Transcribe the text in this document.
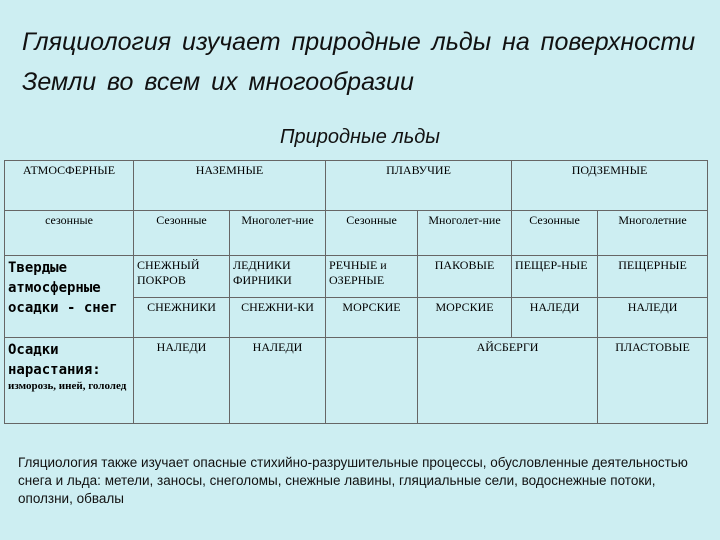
Гляциология изучает природные льды на поверхности Земли во всем их многообразии
Природные льды
АТМОСФЕРНЫЕ	НАЗЕМНЫЕ		ПЛАВУЧИЕ		ПОДЗЕМНЫЕ	
сезонные	Сезонные	Многолет-ние	Сезонные	Многолет-ние	Сезонные	Многолетние

Твердые атмосферные осадки - снег	СНЕЖНЫЙ ПОКРОВ	ЛЕДНИКИ ФИРНИКИ	РЕЧНЫЕ и ОЗЕРНЫЕ	ПАКОВЫЕ	ПЕЩЕР-НЫЕ	ПЕЩЕРНЫЕ
	СНЕЖНИКИ	СНЕЖНИ-КИ	МОРСКИЕ	МОРСКИЕ	НАЛЕДИ	НАЛЕДИ

Осадки нарастания:
изморозь, иней, гололед	НАЛЕДИ	НАЛЕДИ		АЙСБЕРГИ		ПЛАСТОВЫЕ
Гляциология также изучает опасные стихийно-разрушительные процессы, обусловленные деятельностью снега и льда: метели, заносы, снеголомы, снежные лавины, гляциальные сели, водоснежные потоки, оползни, обвалы
